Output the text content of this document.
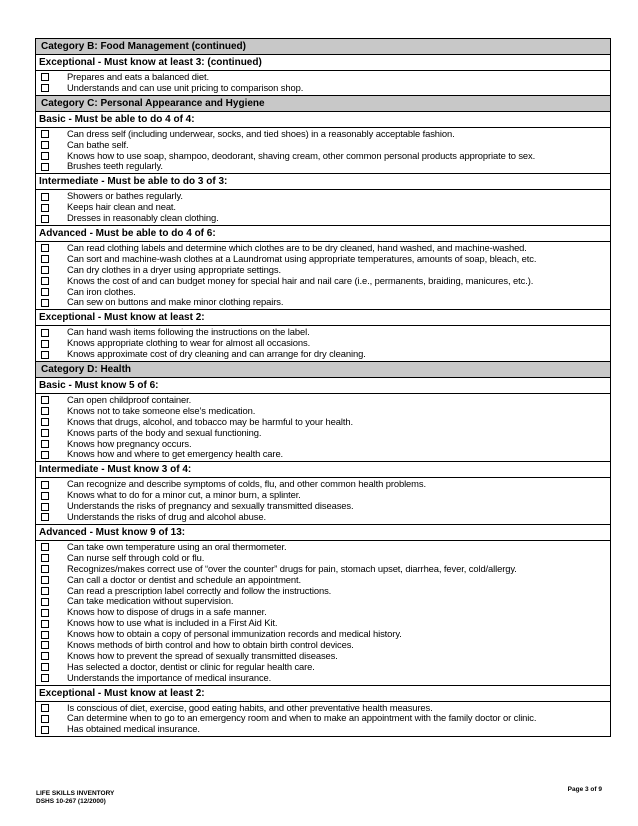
Category B: Food Management (continued)
Exceptional - Must know at least 3: (continued)
Prepares and eats a balanced diet.
Understands and can use unit pricing to comparison shop.
Category C: Personal Appearance and Hygiene
Basic - Must be able to do 4 of 4:
Can dress self (including underwear, socks, and tied shoes) in a reasonably acceptable fashion.
Can bathe self.
Knows how to use soap, shampoo, deodorant, shaving cream, other common personal products appropriate to sex.
Brushes teeth regularly.
Intermediate - Must be able to do 3 of 3:
Showers or bathes regularly.
Keeps hair clean and neat.
Dresses in reasonably clean clothing.
Advanced - Must be able to do 4 of 6:
Can read clothing labels and determine which clothes are to be dry cleaned, hand washed, and machine-washed.
Can sort and machine-wash clothes at a Laundromat using appropriate temperatures, amounts of soap, bleach, etc.
Can dry clothes in a dryer using appropriate settings.
Knows the cost of and can budget money for special hair and nail care (i.e., permanents, braiding, manicures, etc.).
Can iron clothes.
Can sew on buttons and make minor clothing repairs.
Exceptional - Must know at least 2:
Can hand wash items following the instructions on the label.
Knows appropriate clothing to wear for almost all occasions.
Knows approximate cost of dry cleaning and can arrange for dry cleaning.
Category D: Health
Basic - Must know 5 of 6:
Can open childproof container.
Knows not to take someone else’s medication.
Knows that drugs, alcohol, and tobacco may be harmful to your health.
Knows parts of the body and sexual functioning.
Knows how pregnancy occurs.
Knows how and where to get emergency health care.
Intermediate - Must know 3 of 4:
Can recognize and describe symptoms of colds, flu, and other common health problems.
Knows what to do for a minor cut, a minor burn, a splinter.
Understands the risks of pregnancy and sexually transmitted diseases.
Understands the risks of drug and alcohol abuse.
Advanced - Must know 9 of 13:
Can take own temperature using an oral thermometer.
Can nurse self through cold or flu.
Recognizes/makes correct use of “over the counter” drugs for pain, stomach upset, diarrhea, fever, cold/allergy.
Can call a doctor or dentist and schedule an appointment.
Can read a prescription label correctly and follow the instructions.
Can take medication without supervision.
Knows how to dispose of drugs in a safe manner.
Knows how to use what is included in a First Aid Kit.
Knows how to obtain a copy of personal immunization records and medical history.
Knows methods of birth control and how to obtain birth control devices.
Knows how to prevent the spread of sexually transmitted diseases.
Has selected a doctor, dentist or clinic for regular health care.
Understands the importance of medical insurance.
Exceptional - Must know at least 2:
Is conscious of diet, exercise, good eating habits, and other preventative health measures.
Can determine when to go to an emergency room and when to make an appointment with the family doctor or clinic.
Has obtained medical insurance.
Page 3 of 9
LIFE SKILLS INVENTORY
DSHS 10-267 (12/2000)
